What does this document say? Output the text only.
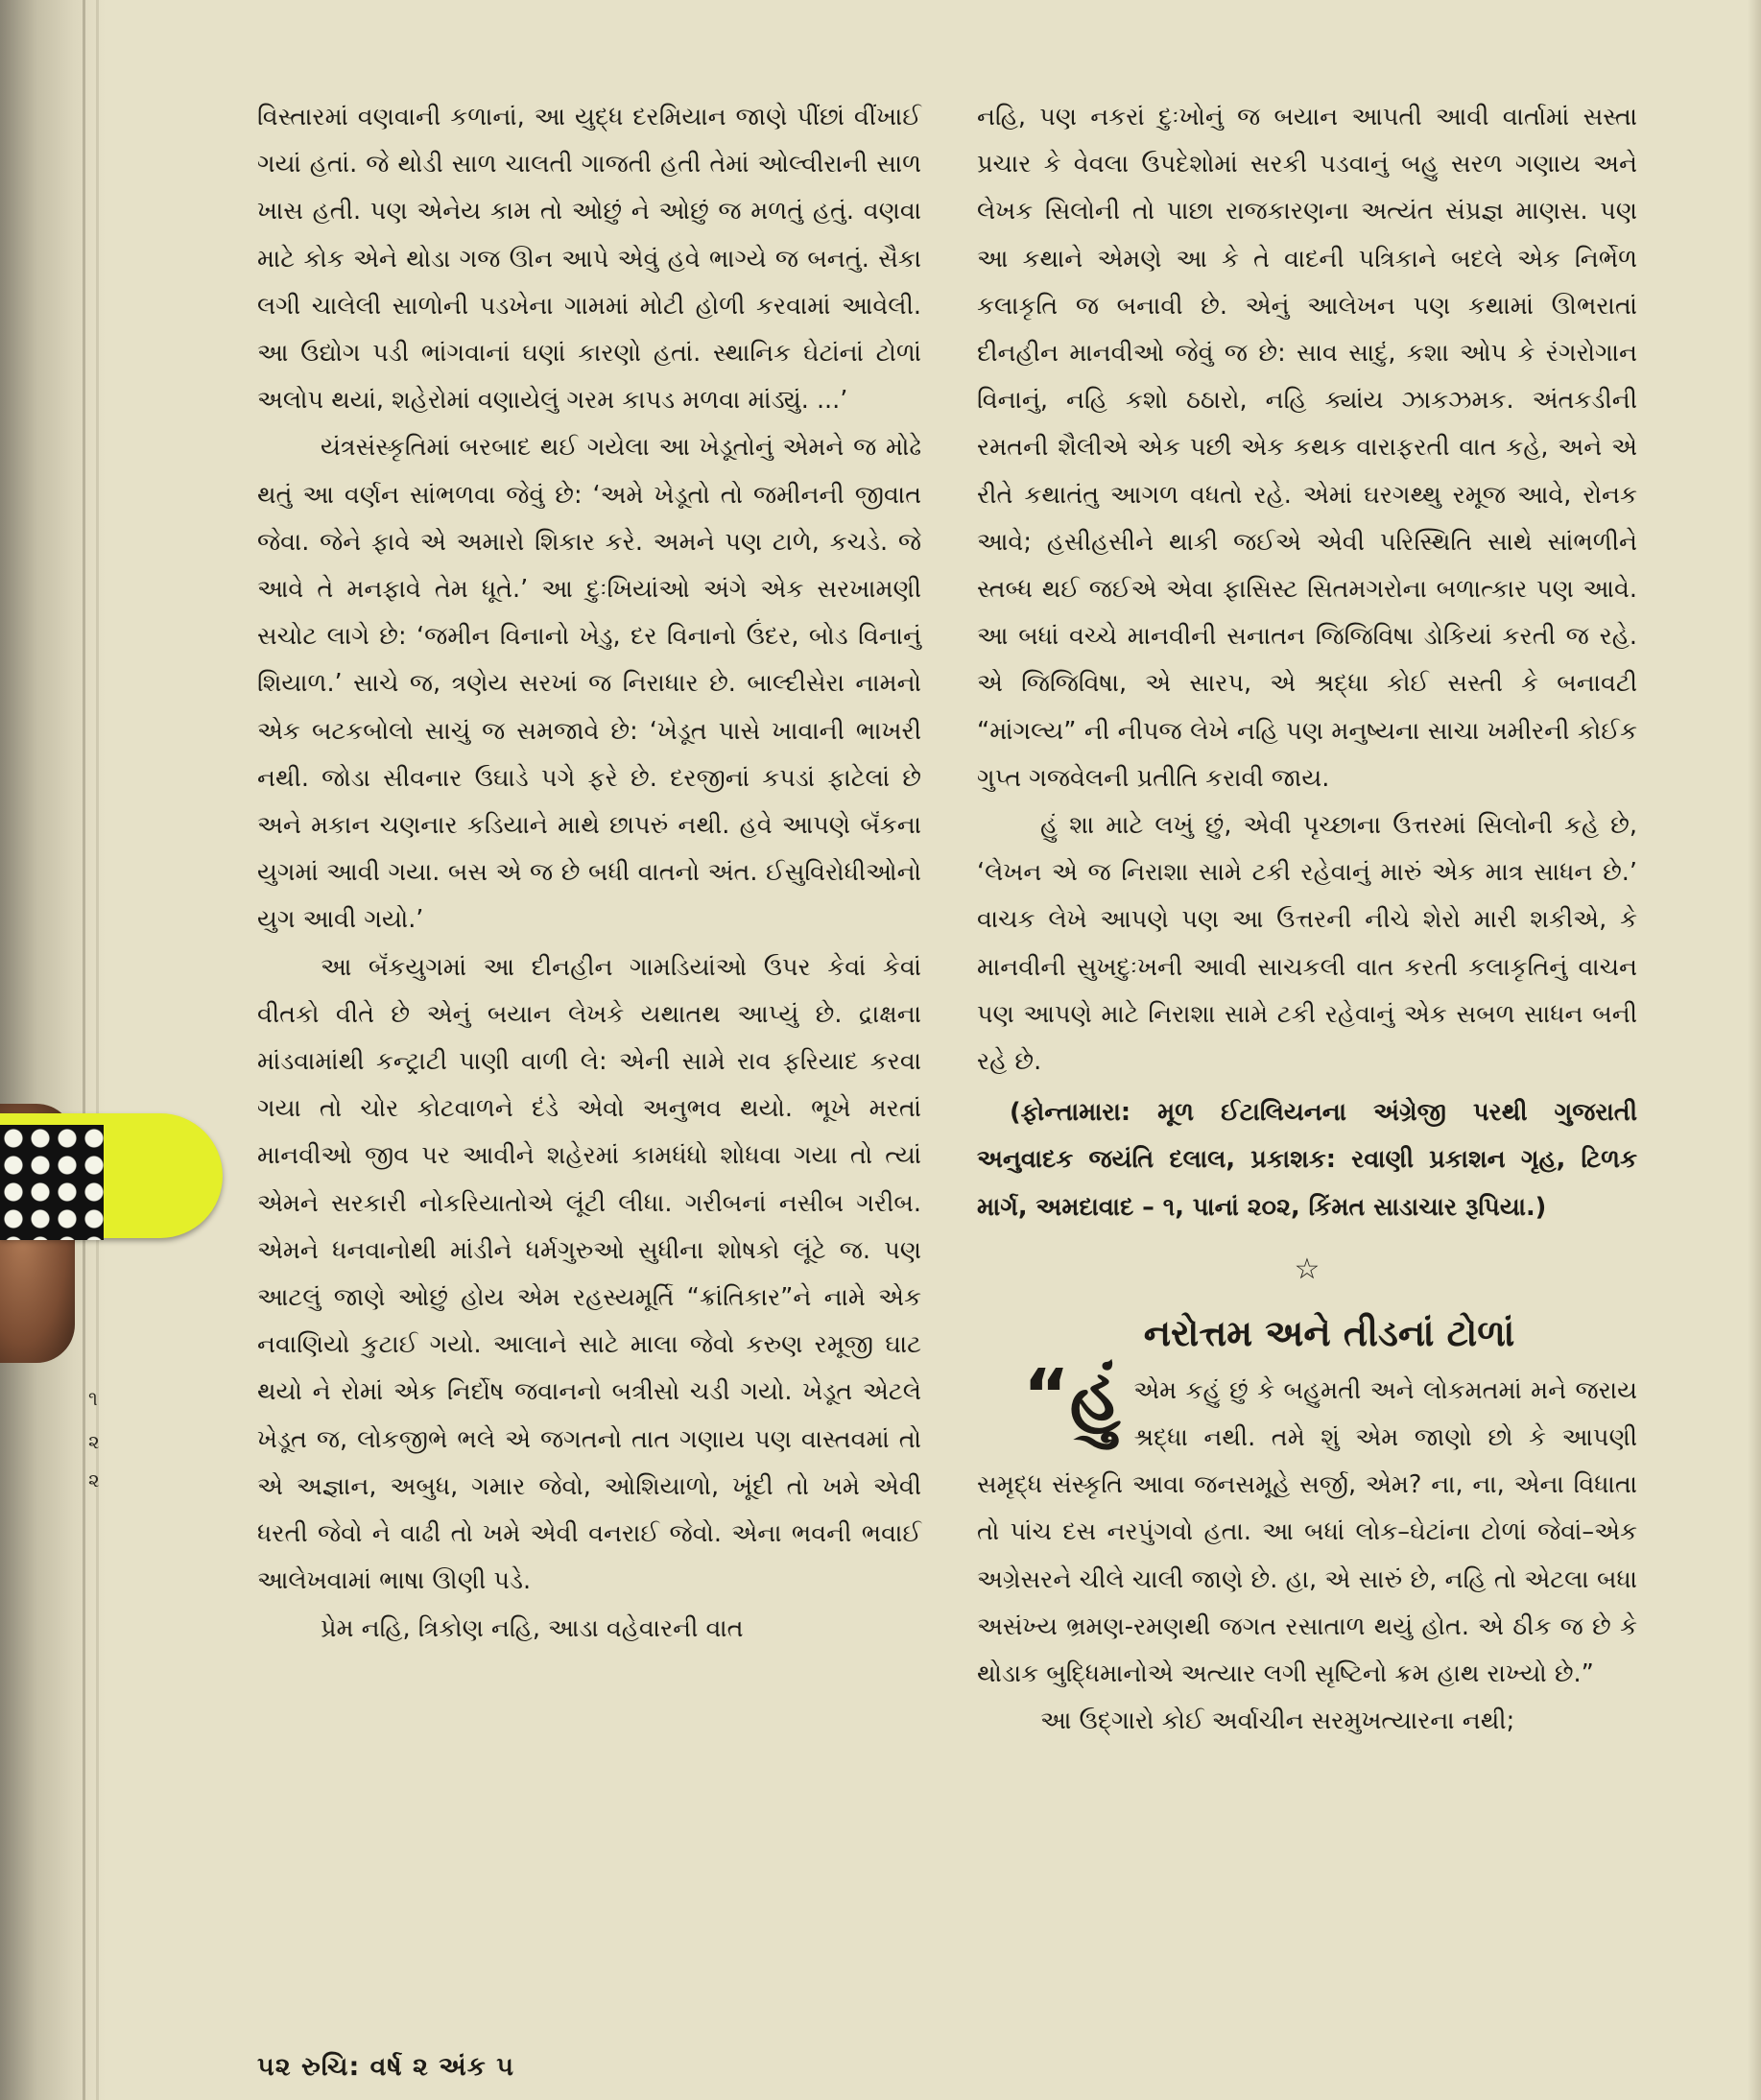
૧
૨
૨

વિસ્તારમાં વણવાની કળાનાં, આ યુદ્ધ દરમિયાન જાણે પીંછાં વીંખાઈ ગયાં હતાં. જે થોડી સાળ ચાલતી ગાજતી હતી તેમાં ઓલ્વીરાની સાળ ખાસ હતી. પણ એનેય કામ તો ઓછું ને ઓછું જ મળતું હતું. વણવા માટે કોક એને થોડા ગજ ઊન આપે એવું હવે ભાગ્યે જ બનતું. સૈકા લગી ચાલેલી સાળોની પડખેના ગામમાં મોટી હોળી કરવામાં આવેલી. આ ઉદ્યોગ પડી ભાંગવાનાં ઘણાં કારણો હતાં. સ્થાનિક ઘેટાંનાં ટોળાં અલોપ થયાં, શહેરોમાં વણાયેલું ગરમ કાપડ મળવા માંડ્યું. ...’

યંત્રસંસ્કૃતિમાં બરબાદ થઈ ગયેલા આ ખેડૂતોનું એમને જ મોઢે થતું આ વર્ણન સાંભળવા જેવું છે: ‘અમે ખેડૂતો તો જમીનની જીવાત જેવા. જેને ફાવે એ અમારો શિકાર કરે. અમને પણ ટાળે, કચડે. જે આવે તે મનફાવે તેમ ધૂતે.’ આ દુઃખિયાંઓ અંગે એક સરખામણી સચોટ લાગે છે: ‘જમીન વિનાનો ખેડુ, દર વિનાનો ઉંદર, બોડ વિનાનું શિયાળ.’ સાચે જ, ત્રણેય સરખાં જ નિરાધાર છે. બાલ્દીસેરા નામનો એક બટકબોલો સાચું જ સમજાવે છે: ‘ખેડૂત પાસે ખાવાની ભાખરી નથી. જોડા સીવનાર ઉઘાડે પગે ફરે છે. દરજીનાં કપડાં ફાટેલાં છે અને મકાન ચણનાર કડિયાને માથે છાપરું નથી. હવે આપણે બૅંકના યુગમાં આવી ગયા. બસ એ જ છે બધી વાતનો અંત. ઈસુવિરોધીઓનો યુગ આવી ગયો.’

આ બૅંકયુગમાં આ દીનહીન ગામડિયાંઓ ઉપર કેવાં કેવાં વીતકો વીતે છે એનું બયાન લેખકે યથાતથ આપ્યું છે. દ્રાક્ષના માંડવામાંથી કન્ટ્રાટી પાણી વાળી લે: એની સામે રાવ ફરિયાદ કરવા ગયા તો ચોર કોટવાળને દંડે એવો અનુભવ થયો. ભૂખે મરતાં માનવીઓ જીવ પર આવીને શહેરમાં કામધંધો શોધવા ગયા તો ત્યાં એમને સરકારી નોકરિયાતોએ લૂંટી લીધા. ગરીબનાં નસીબ ગરીબ. એમને ધનવાનોથી માંડીને ધર્મગુરુઓ સુધીના શોષકો લૂંટે જ. પણ આટલું જાણે ઓછું હોય એમ રહસ્યમૂર્તિ “ક્રાંતિકાર”ને નામે એક નવાણિયો કુટાઈ ગયો. આલાને સાટે માલા જેવો કરુણ રમૂજી ઘાટ થયો ને રોમાં એક નિર્દોષ જવાનનો બત્રીસો ચડી ગયો. ખેડૂત એટલે ખેડૂત જ, લોકજીભે ભલે એ જગતનો તાત ગણાય પણ વાસ્તવમાં તો એ અજ્ઞાન, અબુધ, ગમાર જેવો, ઓશિયાળો, ખૂંદી તો ખમે એવી ધરતી જેવો ને વાઢી તો ખમે એવી વનરાઈ જેવો. એના ભવની ભવાઈ આલેખવામાં ભાષા ઊણી પડે.

પ્રેમ નહિ, ત્રિકોણ નહિ, આડા વહેવારની વાત

નહિ, પણ નકરાં દુઃખોનું જ બયાન આપતી આવી વાર્તામાં સસ્તા પ્રચાર કે વેવલા ઉપદેશોમાં સરકી પડવાનું બહુ સરળ ગણાય અને લેખક સિલોની તો પાછા રાજકારણના અત્યંત સંપ્રજ્ઞ માણસ. પણ આ કથાને એમણે આ કે તે વાદની પત્રિકાને બદલે એક નિર્ભેળ કલાકૃતિ જ બનાવી છે. એનું આલેખન પણ કથામાં ઊભરાતાં દીનહીન માનવીઓ જેવું જ છે: સાવ સાદું, કશા ઓપ કે રંગરોગાન વિનાનું, નહિ કશો ઠઠારો, નહિ ક્યાંય ઝાકઝમક. અંતકડીની રમતની શૈલીએ એક પછી એક કથક વારાફરતી વાત કહે, અને એ રીતે કથાતંતુ આગળ વધતો રહે. એમાં ઘરગથ્થુ રમૂજ આવે, રોનક આવે; હસીહસીને થાકી જઈએ એવી પરિસ્થિતિ સાથે સાંભળીને સ્તબ્ધ થઈ જઈએ એવા ફાસિસ્ટ સિતમગરોના બળાત્કાર પણ આવે. આ બધાં વચ્ચે માનવીની સનાતન જિજિવિષા ડોકિયાં કરતી જ રહે. એ જિજિવિષા, એ સારપ, એ શ્રદ્ધા કોઈ સસ્તી કે બનાવટી “માંગલ્ય” ની નીપજ લેખે નહિ પણ મનુષ્યના સાચા ખમીરની કોઈક ગુપ્ત ગજવેલની પ્રતીતિ કરાવી જાય.

હું શા માટે લખું છું, એવી પૃચ્છાના ઉત્તરમાં સિલોની કહે છે, ‘લેખન એ જ નિરાશા સામે ટકી રહેવાનું મારું એક માત્ર સાધન છે.’ વાચક લેખે આપણે પણ આ ઉત્તરની નીચે શેરો મારી શકીએ, કે માનવીની સુખદુઃખની આવી સાચકલી વાત કરતી કલાકૃતિનું વાચન પણ આપણે માટે નિરાશા સામે ટકી રહેવાનું એક સબળ સાધન બની રહે છે.

(ફોન્તામારા: મૂળ ઈટાલિયનના અંગ્રેજી પરથી ગુજરાતી અનુવાદક જયંતિ દલાલ, પ્રકાશક: રવાણી પ્રકાશન ગૃહ, ટિળક માર્ગ, અમદાવાદ – ૧, પાનાં ૨૦૨, કિંમત સાડાચાર રૂપિયા.)

☆
નરોત્તમ અને તીડનાં ટોળાં

“હુંએમ કહું છું કે બહુમતી અને લોકમતમાં મને જરાય શ્રદ્ધા નથી. તમે શું એમ જાણો છો કે આપણી સમૃદ્ધ સંસ્કૃતિ આવા જનસમૂહે સર્જી, એમ? ના, ના, એના વિધાતા તો પાંચ દસ નરપુંગવો હતા. આ બધાં લોક–ઘેટાંના ટોળાં જેવાં–એક અગ્રેસરને ચીલે ચાલી જાણે છે. હા, એ સારું છે, નહિ તો એટલા બધા અસંખ્ય ભ્રમણ-રમણથી જગત રસાતાળ થયું હોત. એ ઠીક જ છે કે થોડાક બુદ્ધિમાનોએ અત્યાર લગી સૃષ્ટિનો ક્રમ હાથ રાખ્યો છે.”

આ ઉદ્ગારો કોઈ અર્વાચીન સરમુખત્યારના નથી;

૫૨ રુચિ: વર્ષ ૨ અંક ૫
